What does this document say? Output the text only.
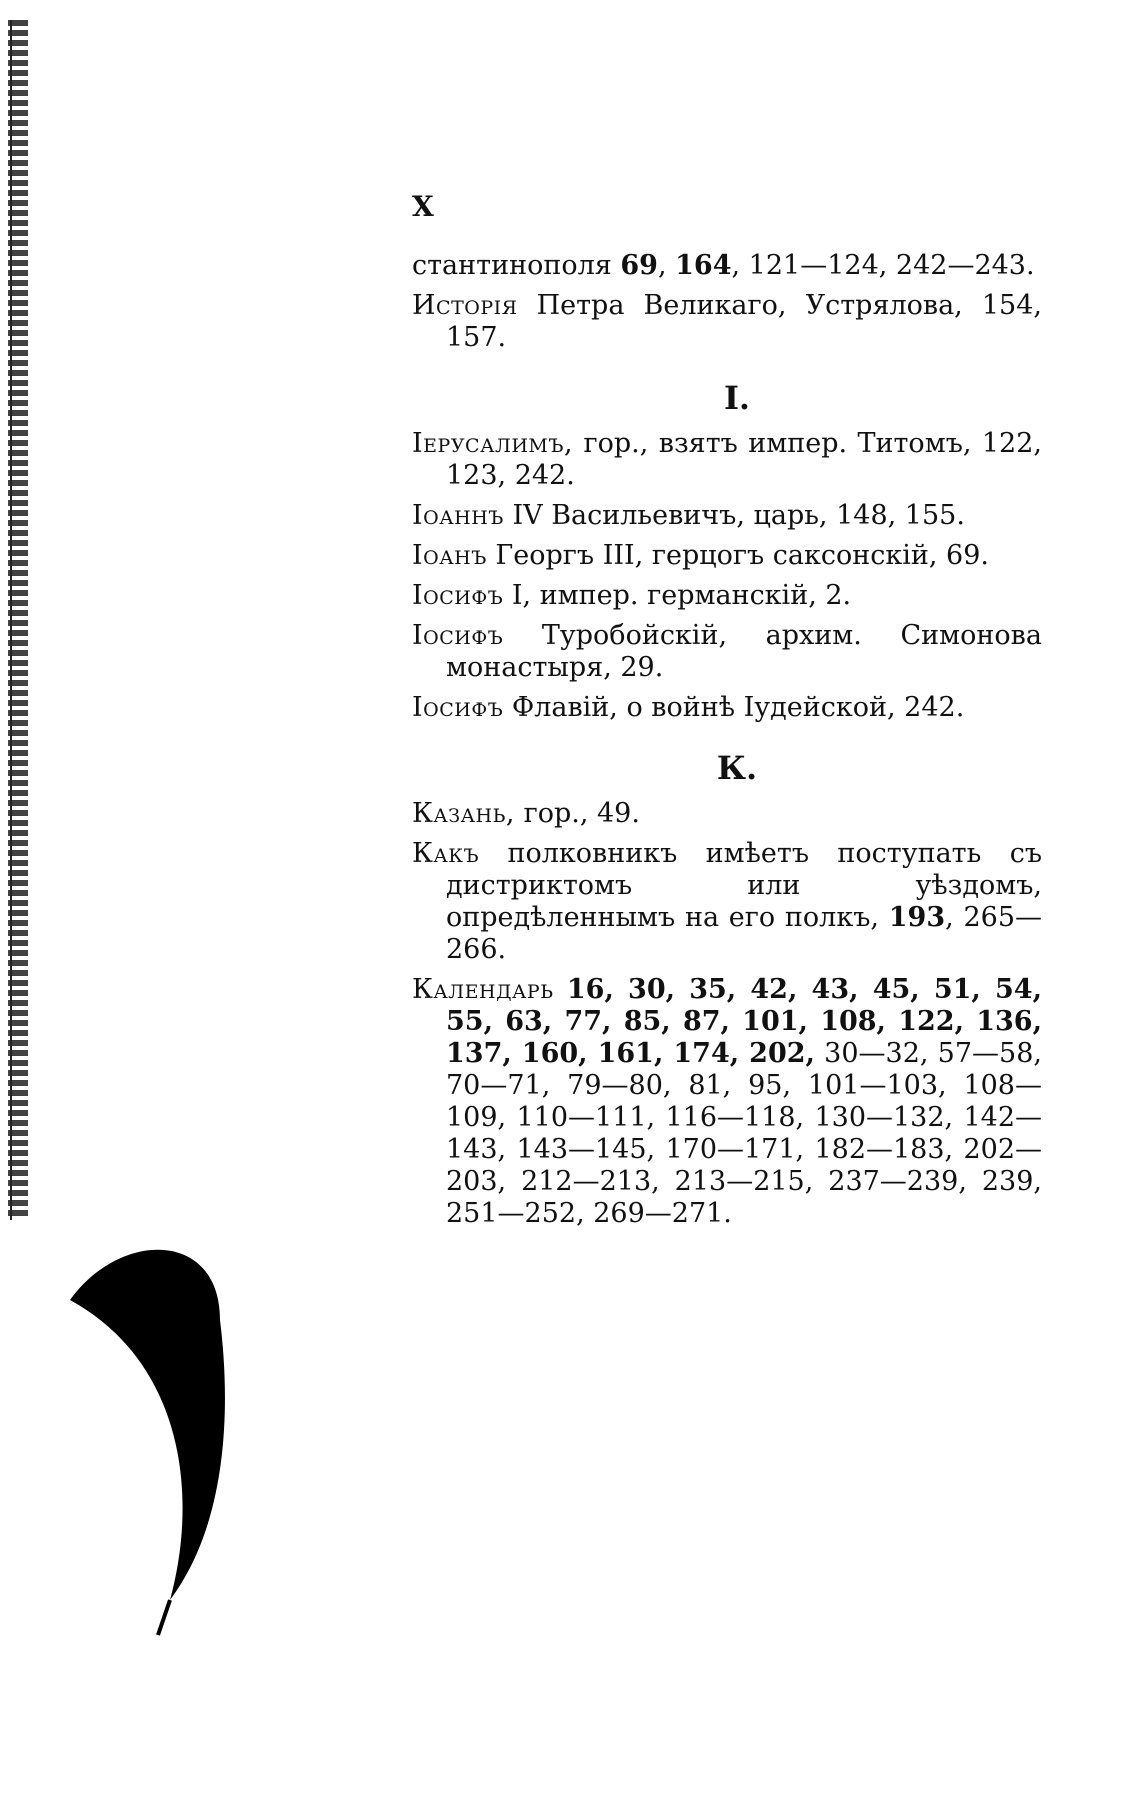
X

стантинополя 69, 164, 121—124, 242—243.

Исторія Петра Великаго, Устрялова, 154, 157.

I.

Іерусалимъ, гор., взятъ импер. Титомъ, 122, 123, 242.

Іоаннъ IV Васильевичъ, царь, 148, 155.

Іоанъ Георгъ III, герцогъ саксонскій, 69.

Іосифъ I, импер. германскій, 2.

Іосифъ Туробойскій, архим. Симонова монастыря, 29.

Іосифъ Флавій, о войнѣ Іудейской, 242.

К.

Казань, гор., 49.

Какъ полковникъ имѣетъ поступать съ дистриктомъ или уѣздомъ, опредѣленнымъ на его полкъ, 193, 265—266.

Календарь 16, 30, 35, 42, 43, 45, 51, 54, 55, 63, 77, 85, 87, 101, 108, 122, 136, 137, 160, 161, 174, 202, 30—32, 57—58, 70—71, 79—80, 81, 95, 101—103, 108—109, 110—111, 116—118, 130—132, 142—143, 143—145, 170—171, 182—183, 202—203, 212—213, 213—215, 237—239, 239, 251—252, 269—271.
